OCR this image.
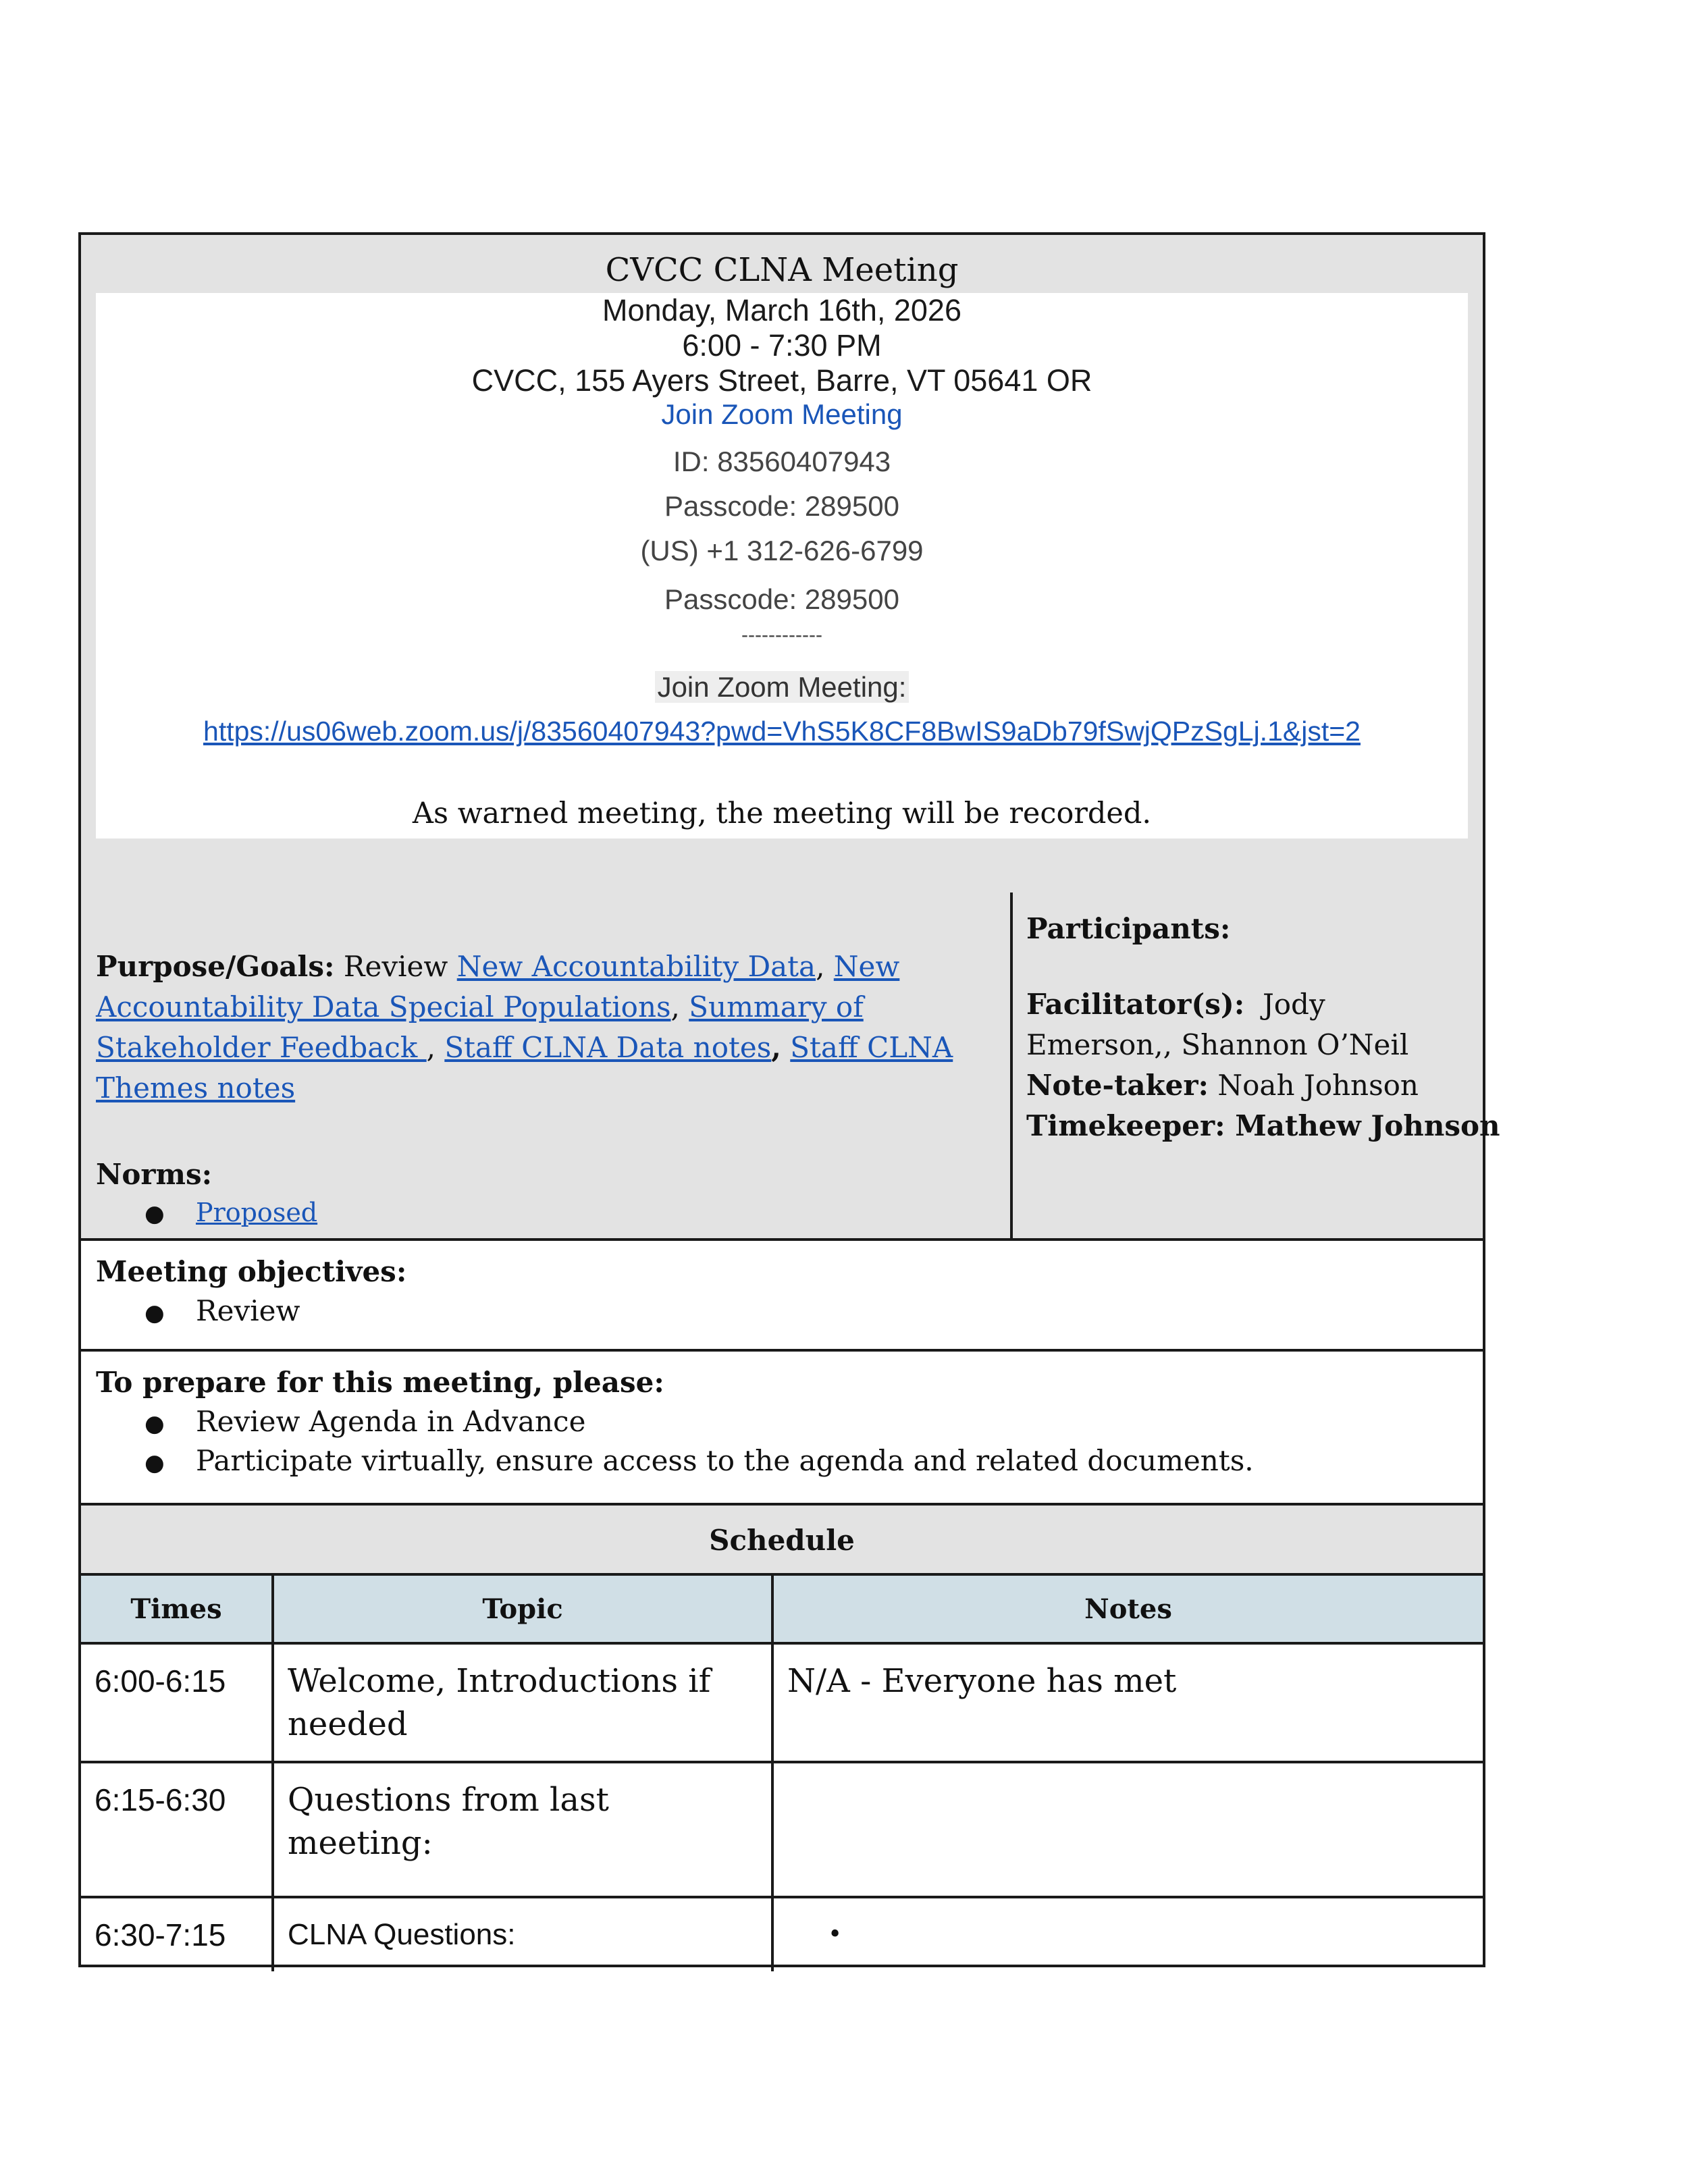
CVCC CLNA Meeting
Monday, March 16th, 2026
6:00 - 7:30 PM
CVCC, 155 Ayers Street, Barre, VT 05641 OR
Join Zoom Meeting
ID: 83560407943
Passcode: 289500
(US) +1 312-626-6799
Passcode: 289500
------------
Join Zoom Meeting:
https://us06web.zoom.us/j/83560407943?pwd=VhS5K8CF8BwIS9aDb79fSwjQPzSgLj.1&jst=2
As warned meeting, the meeting will be recorded.
Purpose/Goals: Review New Accountability Data, New Accountability Data Special Populations, Summary of Stakeholder Feedback , Staff CLNA Data notes, Staff CLNA Themes notes
Norms:
●	Proposed
Participants:
Facilitator(s): Jody Emerson,, Shannon O’Neil
Note-taker: Noah Johnson
Timekeeper: Mathew Johnson
Meeting objectives:
●	Review
To prepare for this meeting, please:
●	Review Agenda in Advance
●	Participate virtually, ensure access to the agenda and related documents.
Schedule
Times	Topic	Notes

6:00-6:15	Welcome, Introductions if needed	N/A - Everyone has met

6:15-6:30	Questions from last meeting:	

6:30-7:15	CLNA Questions:	•
